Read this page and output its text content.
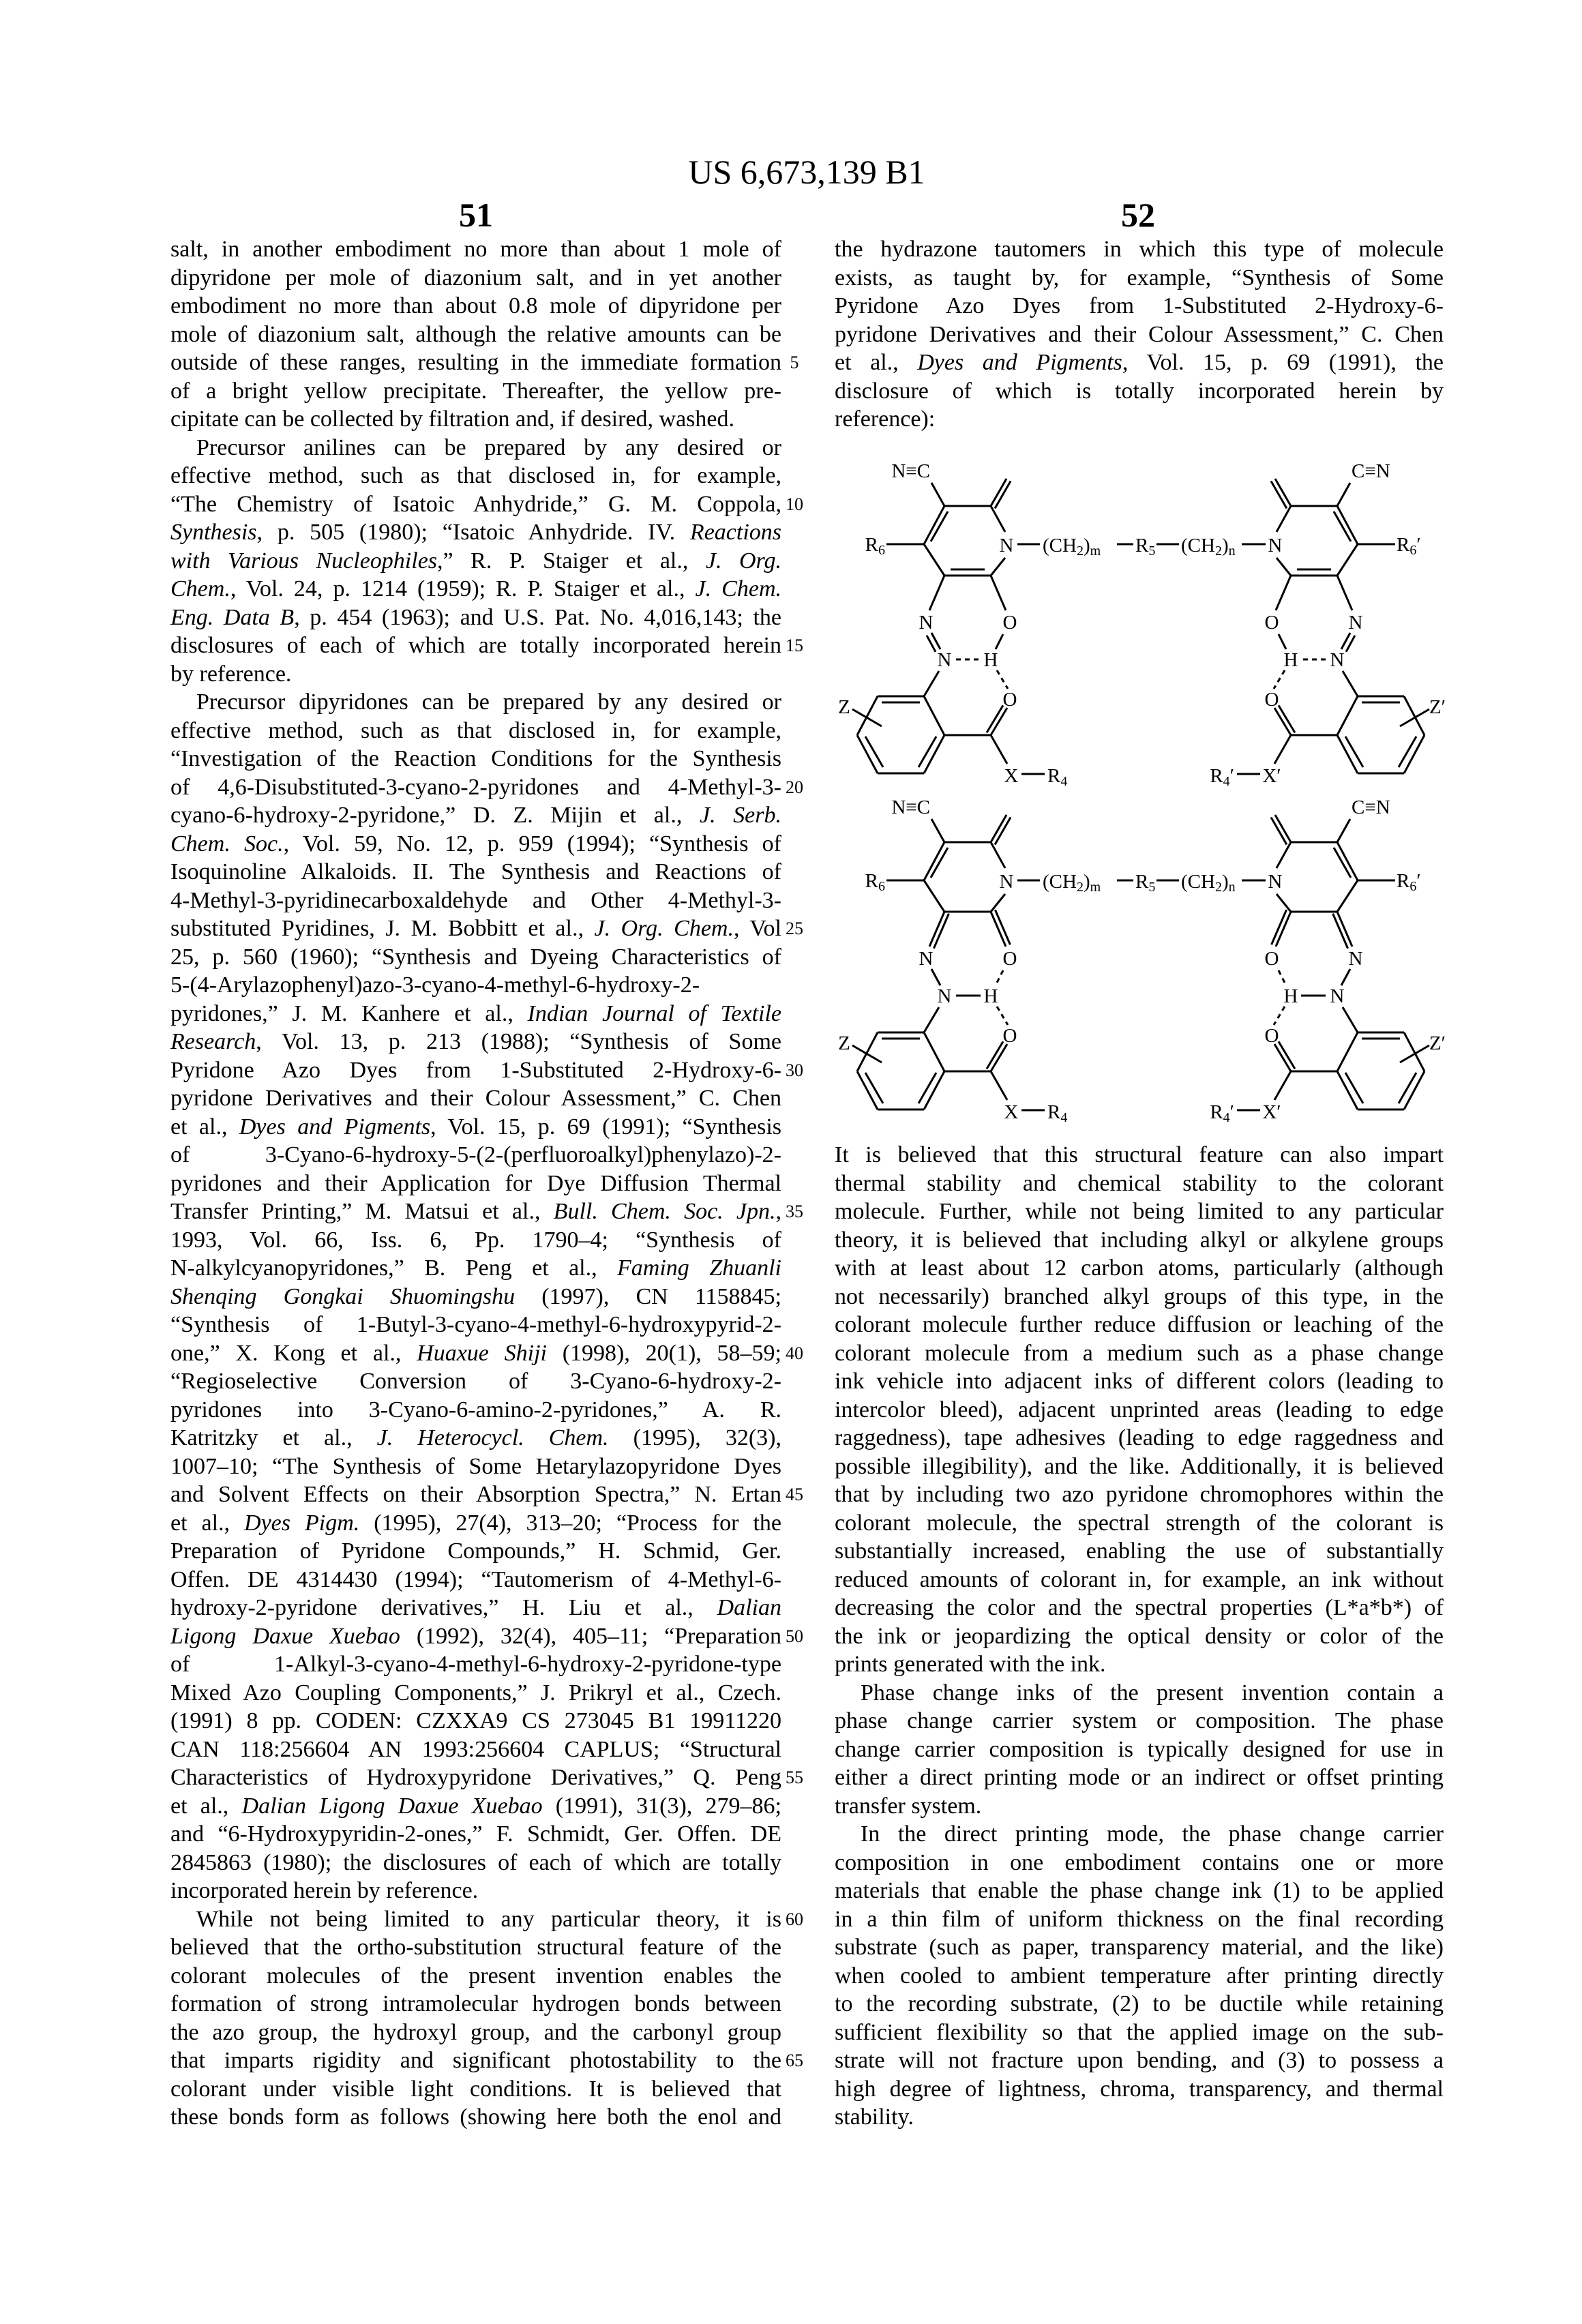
US 6,673,139 B1
51	52
salt, in another embodiment no more than about 1 mole of
dipyridone per mole of diazonium salt, and in yet another
embodiment no more than about 0.8 mole of dipyridone per
mole of diazonium salt, although the relative amounts can be
outside of these ranges, resulting in the immediate formation
of a bright yellow precipitate. Thereafter, the yellow pre-
cipitate can be collected by filtration and, if desired, washed.
Precursor anilines can be prepared by any desired or
effective method, such as that disclosed in, for example,
“The Chemistry of Isatoic Anhydride,” G. M. Coppola,
Synthesis, p. 505 (1980); “Isatoic Anhydride. IV. Reactions
with Various Nucleophiles,” R. P. Staiger et al., J. Org.
Chem., Vol. 24, p. 1214 (1959); R. P. Staiger et al., J. Chem.
Eng. Data B, p. 454 (1963); and U.S. Pat. No. 4,016,143; the
disclosures of each of which are totally incorporated herein
by reference.
Precursor dipyridones can be prepared by any desired or
effective method, such as that disclosed in, for example,
“Investigation of the Reaction Conditions for the Synthesis
of 4,6-Disubstituted-3-cyano-2-pyridones and 4-Methyl-3-
cyano-6-hydroxy-2-pyridone,” D. Z. Mijin et al., J. Serb.
Chem. Soc., Vol. 59, No. 12, p. 959 (1994); “Synthesis of
Isoquinoline Alkaloids. II. The Synthesis and Reactions of
4-Methyl-3-pyridinecarboxaldehyde and Other 4-Methyl-3-
substituted Pyridines, J. M. Bobbitt et al., J. Org. Chem., Vol
25, p. 560 (1960); “Synthesis and Dyeing Characteristics of
5-(4-Arylazophenyl)azo-3-cyano-4-methyl-6-hydroxy-2-
pyridones,” J. M. Kanhere et al., Indian Journal of Textile
Research, Vol. 13, p. 213 (1988); “Synthesis of Some
Pyridone Azo Dyes from 1-Substituted 2-Hydroxy-6-
pyridone Derivatives and their Colour Assessment,” C. Chen
et al., Dyes and Pigments, Vol. 15, p. 69 (1991); “Synthesis
of 3-Cyano-6-hydroxy-5-(2-(perfluoroalkyl)phenylazo)-2-
pyridones and their Application for Dye Diffusion Thermal
Transfer Printing,” M. Matsui et al., Bull. Chem. Soc. Jpn.,
1993, Vol. 66, Iss. 6, Pp. 1790–4; “Synthesis of
N-alkylcyanopyridones,” B. Peng et al., Faming Zhuanli
Shenqing Gongkai Shuomingshu (1997), CN 1158845;
“Synthesis of 1-Butyl-3-cyano-4-methyl-6-hydroxypyrid-2-
one,” X. Kong et al., Huaxue Shiji (1998), 20(1), 58–59;
“Regioselective Conversion of 3-Cyano-6-hydroxy-2-
pyridones into 3-Cyano-6-amino-2-pyridones,” A. R.
Katritzky et al., J. Heterocycl. Chem. (1995), 32(3),
1007–10; “The Synthesis of Some Hetarylazopyridone Dyes
and Solvent Effects on their Absorption Spectra,” N. Ertan
et al., Dyes Pigm. (1995), 27(4), 313–20; “Process for the
Preparation of Pyridone Compounds,” H. Schmid, Ger.
Offen. DE 4314430 (1994); “Tautomerism of 4-Methyl-6-
hydroxy-2-pyridone derivatives,” H. Liu et al., Dalian
Ligong Daxue Xuebao (1992), 32(4), 405–11; “Preparation
of 1-Alkyl-3-cyano-4-methyl-6-hydroxy-2-pyridone-type
Mixed Azo Coupling Components,” J. Prikryl et al., Czech.
(1991) 8 pp. CODEN: CZXXA9 CS 273045 B1 19911220
CAN 118:256604 AN 1993:256604 CAPLUS; “Structural
Characteristics of Hydroxypyridone Derivatives,” Q. Peng
et al., Dalian Ligong Daxue Xuebao (1991), 31(3), 279–86;
and “6-Hydroxypyridin-2-ones,” F. Schmidt, Ger. Offen. DE
2845863 (1980); the disclosures of each of which are totally
incorporated herein by reference.
While not being limited to any particular theory, it is
believed that the ortho-substitution structural feature of the
colorant molecules of the present invention enables the
formation of strong intramolecular hydrogen bonds between
the azo group, the hydroxyl group, and the carbonyl group
that imparts rigidity and significant photostability to the
colorant under visible light conditions. It is believed that
these bonds form as follows (showing here both the enol and
the hydrazone tautomers in which this type of molecule
exists, as taught by, for example, “Synthesis of Some
Pyridone Azo Dyes from 1-Substituted 2-Hydroxy-6-
pyridone Derivatives and their Colour Assessment,” C. Chen
et al., Dyes and Pigments, Vol. 15, p. 69 (1991), the
disclosure of which is totally incorporated herein by
reference):
It is believed that this structural feature can also impart
thermal stability and chemical stability to the colorant
molecule. Further, while not being limited to any particular
theory, it is believed that including alkyl or alkylene groups
with at least about 12 carbon atoms, particularly (although
not necessarily) branched alkyl groups of this type, in the
colorant molecule further reduce diffusion or leaching of the
colorant molecule from a medium such as a phase change
ink vehicle into adjacent inks of different colors (leading to
intercolor bleed), adjacent unprinted areas (leading to edge
raggedness), tape adhesives (leading to edge raggedness and
possible illegibility), and the like. Additionally, it is believed
that by including two azo pyridone chromophores within the
colorant molecule, the spectral strength of the colorant is
substantially increased, enabling the use of substantially
reduced amounts of colorant in, for example, an ink without
decreasing the color and the spectral properties (L*a*b*) of
the ink or jeopardizing the optical density or color of the
prints generated with the ink.
Phase change inks of the present invention contain a
phase change carrier system or composition. The phase
change carrier composition is typically designed for use in
either a direct printing mode or an indirect or offset printing
transfer system.
In the direct printing mode, the phase change carrier
composition in one embodiment contains one or more
materials that enable the phase change ink (1) to be applied
in a thin film of uniform thickness on the final recording
substrate (such as paper, transparency material, and the like)
when cooled to ambient temperature after printing directly
to the recording substrate, (2) to be ductile while retaining
sufficient flexibility so that the applied image on the sub-
strate will not fracture upon bending, and (3) to possess a
high degree of lightness, chroma, transparency, and thermal
stability.
5
10
15
20
25
30
35
40
45
50
55
60
65
N≡C
R6	N
N	O
N H
O
X R4
Z
C≡N
R6′
N
N
O
N
H
O
X′
R4′
Z′
(CH2)m R5 (CH2)n
N≡C
R6	N
N	O
N H
O
X R4
Z
C≡N
R6′
N
N
O
N
H
O
X′
R4′
Z′
(CH2)m R5 (CH2)n
